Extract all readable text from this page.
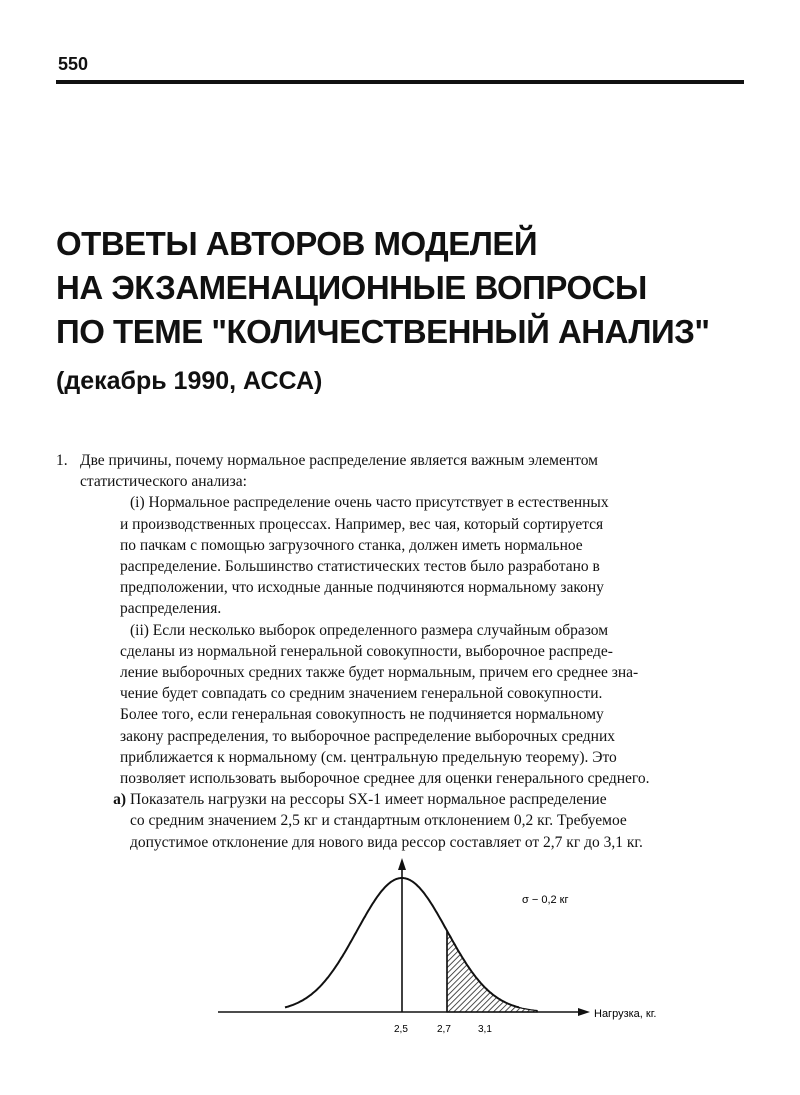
550
ОТВЕТЫ АВТОРОВ МОДЕЛЕЙ
НА ЭКЗАМЕНАЦИОННЫЕ ВОПРОСЫ
ПО ТЕМЕ "КОЛИЧЕСТВЕННЫЙ АНАЛИЗ"
(декабрь 1990, АССА)
1. Две причины, почему нормальное распределение является важным элементом
статистического анализа:
(i) Нормальное распределение очень часто присутствует в естественных
и производственных процессах. Например, вес чая, который сортируется
по пачкам с помощью загрузочного станка, должен иметь нормальное
распределение. Большинство статистических тестов было разработано в
предположении, что исходные данные подчиняются нормальному закону
распределения.
(ii) Если несколько выборок определенного размера случайным образом
сделаны из нормальной генеральной совокупности, выборочное распреде-
ление выборочных средних также будет нормальным, причем его среднее зна-
чение будет совпадать со средним значением генеральной совокупности.
Более того, если генеральная совокупность не подчиняется нормальному
закону распределения, то выборочное распределение выборочных средних
приближается к нормальному (см. центральную предельную теорему). Это
позволяет использовать выборочное среднее для оценки генерального среднего.
а) Показатель нагрузки на рессоры SX-1 имеет нормальное распределение
со средним значением 2,5 кг и стандартным отклонением 0,2 кг. Требуемое
допустимое отклонение для нового вида рессор составляет от 2,7 кг до 3,1 кг.
σ − 0,2 кг
Нагрузка, кг.
2,5	2,7	3,1
